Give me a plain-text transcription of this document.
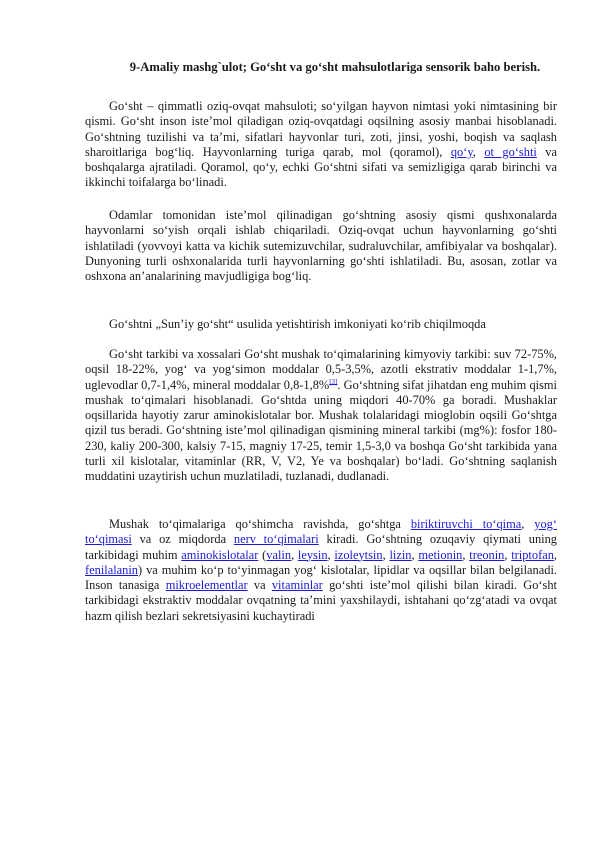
9-Amaliy mashg`ulot; Go‘sht va go‘sht mahsulotlariga sensorik baho berish.

Go‘sht – qimmatli oziq-ovqat mahsuloti; so‘yilgan hayvon nimtasi yoki nimtasining bir qismi. Go‘sht inson iste’mol qiladigan oziq-ovqatdagi oqsilning asosiy manbai hisoblanadi. Go‘shtning tuzilishi va ta’mi, sifatlari hayvonlar turi, zoti, jinsi, yoshi, boqish va saqlash sharoitlariga bog‘liq. Hayvonlarning turiga qarab, mol (qoramol), qo‘y, ot go‘shti va boshqalarga ajratiladi. Qoramol, qo‘y, echki Go‘shtni sifati va semizligiga qarab birinchi va ikkinchi toifalarga bo‘linadi.

Odamlar tomonidan iste’mol qilinadigan go‘shtning asosiy qismi qushxonalarda hayvonlarni so‘yish orqali ishlab chiqariladi. Oziq-ovqat uchun hayvonlarning go‘shti ishlatiladi (yovvoyi katta va kichik sutemizuvchilar, sudraluvchilar, amfibiyalar va boshqalar). Dunyoning turli oshxonalarida turli hayvonlarning go‘shti ishlatiladi. Bu, asosan, zotlar va oshxona an’analarining mavjudligiga bog‘liq.

Go‘shtni „Sun’iy go‘sht“ usulida yetishtirish imkoniyati ko‘rib chiqilmoqda

Go‘sht tarkibi va xossalari Go‘sht mushak to‘qimalarining kimyoviy tarkibi: suv 72-75%, oqsil 18-22%, yog‘ va yog‘simon moddalar 0,5-3,5%, azotli ekstrativ moddalar 1-1,7%, uglevodlar 0,7-1,4%, mineral moddalar 0,8-1,8%[3]. Go‘shtning sifat jihatdan eng muhim qismi mushak to‘qimalari hisoblanadi. Go‘shtda uning miqdori 40-70% ga boradi. Mushaklar oqsillarida hayotiy zarur aminokislotalar bor. Mushak tolalaridagi mioglobin oqsili Go‘shtga qizil tus beradi. Go‘shtning iste’mol qilinadigan qismining mineral tarkibi (mg%): fosfor 180-230, kaliy 200-300, kalsiy 7-15, magniy 17-25, temir 1,5-3,0 va boshqa Go‘sht tarkibida yana turli xil kislotalar, vitaminlar (RR, V, V2, Ye va boshqalar) bo‘ladi. Go‘shtning saqlanish muddatini uzaytirish uchun muzlatiladi, tuzlanadi, dudlanadi.

Mushak to‘qimalariga qo‘shimcha ravishda, go‘shtga biriktiruvchi to‘qima, yog‘ to‘qimasi va oz miqdorda nerv to‘qimalari kiradi. Go‘shtning ozuqaviy qiymati uning tarkibidagi muhim aminokislotalar (valin, leysin, izoleytsin, lizin, metionin, treonin, triptofan, fenilalanin) va muhim ko‘p to‘yinmagan yog‘ kislotalar, lipidlar va oqsillar bilan belgilanadi. Inson tanasiga mikroelementlar va vitaminlar go‘shti iste’mol qilishi bilan kiradi. Go‘sht tarkibidagi ekstraktiv moddalar ovqatning ta’mini yaxshilaydi, ishtahani qo‘zg‘atadi va ovqat hazm qilish bezlari sekretsiyasini kuchaytiradi
